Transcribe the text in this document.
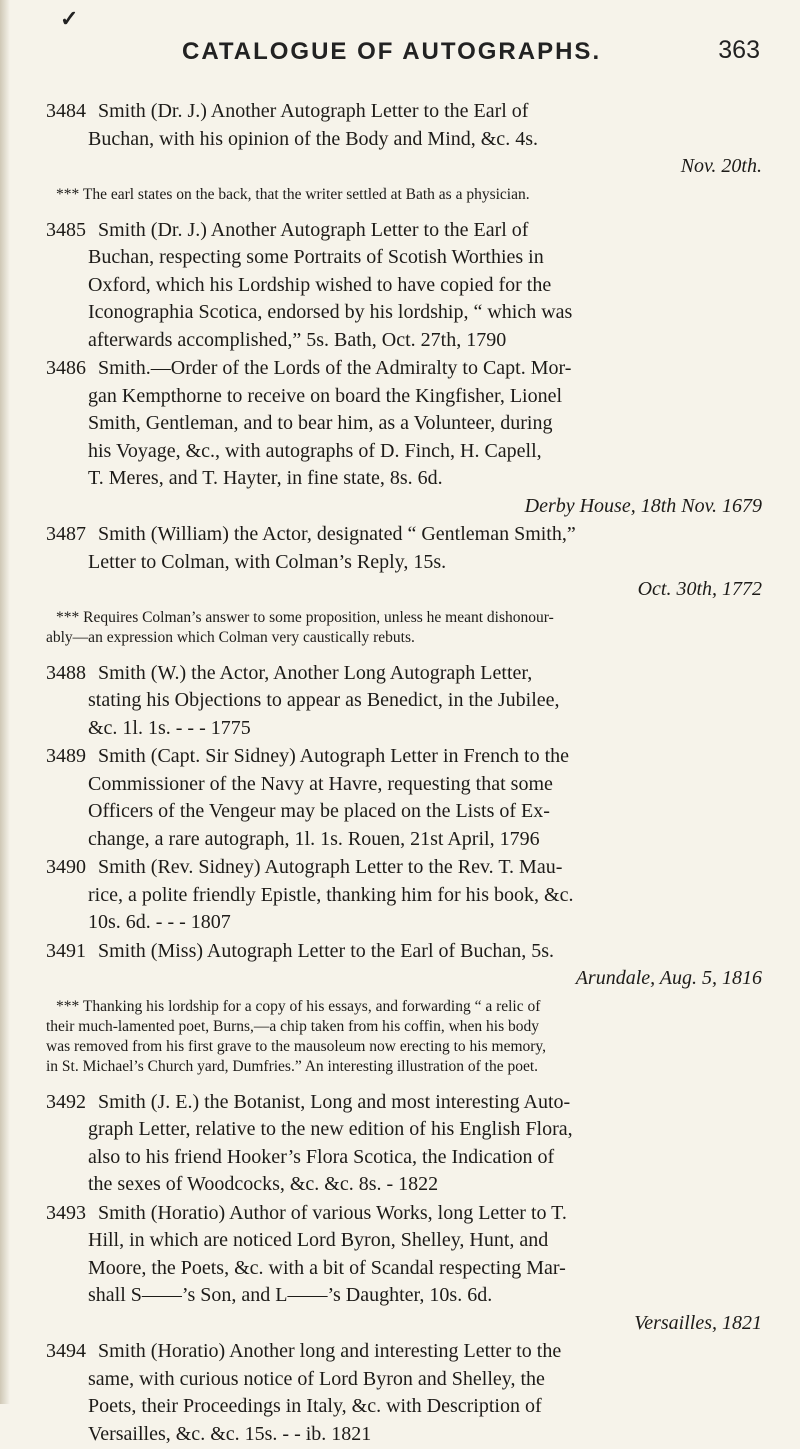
✓
CATALOGUE OF AUTOGRAPHS.	363
3484 Smith (Dr. J.) Another Autograph Letter to the Earl of
Buchan, with his opinion of the Body and Mind, &c. 4s.
Nov. 20th.
*** The earl states on the back, that the writer settled at Bath as a physician.
3485 Smith (Dr. J.) Another Autograph Letter to the Earl of
Buchan, respecting some Portraits of Scotish Worthies in
Oxford, which his Lordship wished to have copied for the
Iconographia Scotica, endorsed by his lordship, “ which was
afterwards accomplished,” 5s. Bath, Oct. 27th, 1790
3486 Smith.—Order of the Lords of the Admiralty to Capt. Mor-
gan Kempthorne to receive on board the Kingfisher, Lionel
Smith, Gentleman, and to bear him, as a Volunteer, during
his Voyage, &c., with autographs of D. Finch, H. Capell,
T. Meres, and T. Hayter, in fine state, 8s. 6d.
Derby House, 18th Nov. 1679
3487 Smith (William) the Actor, designated “ Gentleman Smith,”
Letter to Colman, with Colman’s Reply, 15s.
Oct. 30th, 1772
*** Requires Colman’s answer to some proposition, unless he meant dishonour-
ably—an expression which Colman very caustically rebuts.
3488 Smith (W.) the Actor, Another Long Autograph Letter,
stating his Objections to appear as Benedict, in the Jubilee,
&c. 1l. 1s. - - - 1775
3489 Smith (Capt. Sir Sidney) Autograph Letter in French to the
Commissioner of the Navy at Havre, requesting that some
Officers of the Vengeur may be placed on the Lists of Ex-
change, a rare autograph, 1l. 1s. Rouen, 21st April, 1796
3490 Smith (Rev. Sidney) Autograph Letter to the Rev. T. Mau-
rice, a polite friendly Epistle, thanking him for his book, &c.
10s. 6d. - - - 1807
3491 Smith (Miss) Autograph Letter to the Earl of Buchan, 5s.
Arundale, Aug. 5, 1816
*** Thanking his lordship for a copy of his essays, and forwarding “ a relic of
their much-lamented poet, Burns,—a chip taken from his coffin, when his body
was removed from his first grave to the mausoleum now erecting to his memory,
in St. Michael’s Church yard, Dumfries.” An interesting illustration of the poet.
3492 Smith (J. E.) the Botanist, Long and most interesting Auto-
graph Letter, relative to the new edition of his English Flora,
also to his friend Hooker’s Flora Scotica, the Indication of
the sexes of Woodcocks, &c. &c. 8s. - 1822
3493 Smith (Horatio) Author of various Works, long Letter to T.
Hill, in which are noticed Lord Byron, Shelley, Hunt, and
Moore, the Poets, &c. with a bit of Scandal respecting Mar-
shall S——’s Son, and L——’s Daughter, 10s. 6d.
Versailles, 1821
3494 Smith (Horatio) Another long and interesting Letter to the
same, with curious notice of Lord Byron and Shelley, the
Poets, their Proceedings in Italy, &c. with Description of
Versailles, &c. &c. 15s. - - ib. 1821
